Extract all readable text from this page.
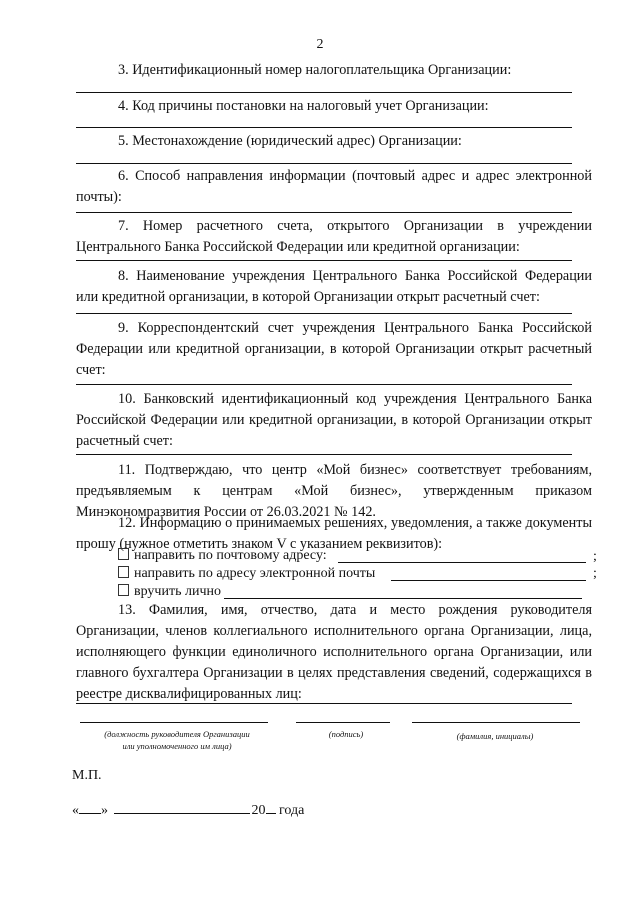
2
3. Идентификационный номер налогоплательщика Организации:
4. Код причины постановки на налоговый учет Организации:
5. Местонахождение (юридический адрес) Организации:
6. Способ направления информации (почтовый адрес и адрес электронной почты):
7. Номер расчетного счета, открытого Организации в учреждении Центрального Банка Российской Федерации или кредитной организации:
8. Наименование учреждения Центрального Банка Российской Федерации или кредитной организации, в которой Организации открыт расчетный счет:
9. Корреспондентский счет учреждения Центрального Банка Российской Федерации или кредитной организации, в которой Организации открыт расчетный счет:
10. Банковский идентификационный код учреждения Центрального Банка Российской Федерации или кредитной организации, в которой Организации открыт расчетный счет:
11. Подтверждаю, что центр «Мой бизнес» соответствует требованиям, предъявляемым к центрам «Мой бизнес», утвержденным приказом Минэкономразвития России от 26.03.2021 № 142.
12. Информацию о принимаемых решениях, уведомления, а также документы прошу (нужное отметить знаком V с указанием реквизитов):
направить по почтовому адресу:	;
направить по адресу электронной почты	;
вручить лично
13. Фамилия, имя, отчество, дата и место рождения руководителя Организации, членов коллегиального исполнительного органа Организации, лица, исполняющего функции единоличного исполнительного органа Организации, или главного бухгалтера Организации в целях представления сведений, содержащихся в реестре дисквалифицированных лиц:
(должность руководителя Организации
или уполномоченного им лица)
(подпись)	(фамилия, инициалы)
М.П.
« »	20 года
